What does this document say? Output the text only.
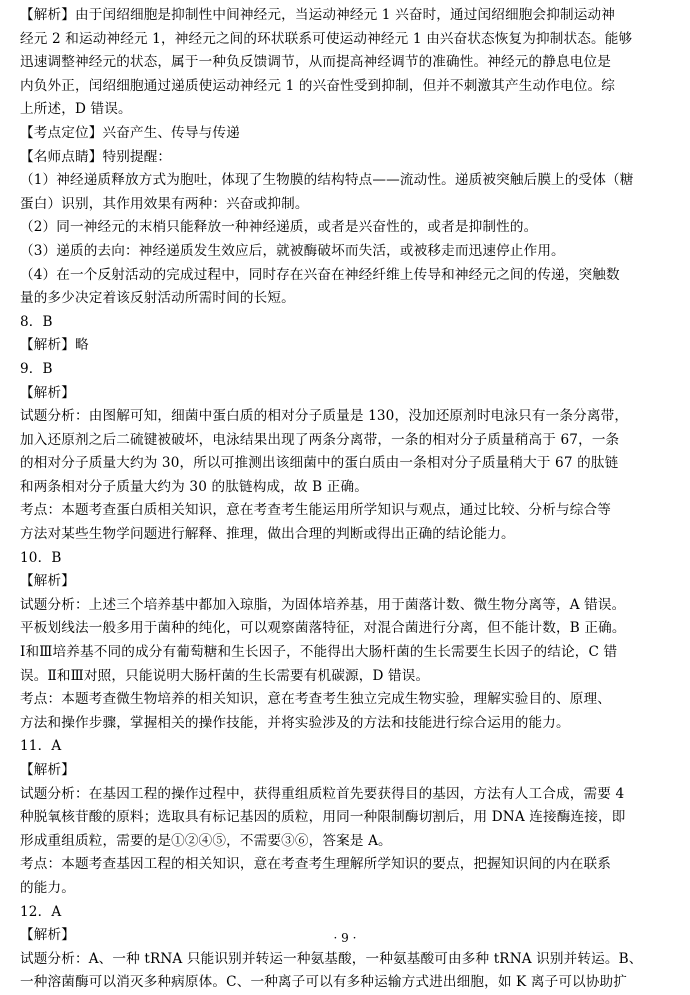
【解析】由于闰绍细胞是抑制性中间神经元，当运动神经元 1 兴奋时，通过闰绍细胞会抑制运动神
经元 2 和运动神经元 1，神经元之间的环状联系可使运动神经元 1 由兴奋状态恢复为抑制状态。能够
迅速调整神经元的状态，属于一种负反馈调节，从而提高神经调节的准确性。神经元的静息电位是
内负外正，闰绍细胞通过递质使运动神经元 1 的兴奋性受到抑制，但并不刺激其产生动作电位。综
上所述，D 错误。
【考点定位】兴奋产生、传导与传递
【名师点睛】特别提醒：
（1）神经递质释放方式为胞吐，体现了生物膜的结构特点——流动性。递质被突触后膜上的受体（糖
蛋白）识别，其作用效果有两种：兴奋或抑制。
（2）同一神经元的末梢只能释放一种神经递质，或者是兴奋性的，或者是抑制性的。
（3）递质的去向：神经递质发生效应后，就被酶破坏而失活，或被移走而迅速停止作用。
（4）在一个反射活动的完成过程中，同时存在兴奋在神经纤维上传导和神经元之间的传递，突触数
量的多少决定着该反射活动所需时间的长短。
8．B
【解析】略
9．B
【解析】
试题分析：由图解可知，细菌中蛋白质的相对分子质量是 130，没加还原剂时电泳只有一条分离带，
加入还原剂之后二硫键被破坏，电泳结果出现了两条分离带，一条的相对分子质量稍高于 67，一条
的相对分子质量大约为 30，所以可推测出该细菌中的蛋白质由一条相对分子质量稍大于 67 的肽链
和两条相对分子质量大约为 30 的肽链构成，故 B 正确。
考点：本题考查蛋白质相关知识，意在考查考生能运用所学知识与观点，通过比较、分析与综合等
方法对某些生物学问题进行解释、推理，做出合理的判断或得出正确的结论能力。
10．B
【解析】
试题分析：上述三个培养基中都加入琼脂，为固体培养基，用于菌落计数、微生物分离等，A 错误。
平板划线法一般多用于菌种的纯化，可以观察菌落特征，对混合菌进行分离，但不能计数，B 正确。
Ⅰ和Ⅲ培养基不同的成分有葡萄糖和生长因子，不能得出大肠杆菌的生长需要生长因子的结论，C 错
误。Ⅱ和Ⅲ对照，只能说明大肠杆菌的生长需要有机碳源，D 错误。
考点：本题考查微生物培养的相关知识，意在考查考生独立完成生物实验，理解实验目的、原理、
方法和操作步骤，掌握相关的操作技能，并将实验涉及的方法和技能进行综合运用的能力。
11．A
【解析】
试题分析：在基因工程的操作过程中，获得重组质粒首先要获得目的基因，方法有人工合成，需要 4
种脱氧核苷酸的原料；选取具有标记基因的质粒，用同一种限制酶切割后，用 DNA 连接酶连接，即
形成重组质粒，需要的是①②④⑤，不需要③⑥，答案是 A。
考点：本题考查基因工程的相关知识，意在考查考生理解所学知识的要点，把握知识间的内在联系
的能力。
12．A
【解析】
试题分析：A、一种 tRNA 只能识别并转运一种氨基酸，一种氨基酸可由多种 tRNA 识别并转运。B、
一种溶菌酶可以消灭多种病原体。C、一种离子可以有多种运输方式进出细胞，如 K 离子可以协助扩
· 9 ·
